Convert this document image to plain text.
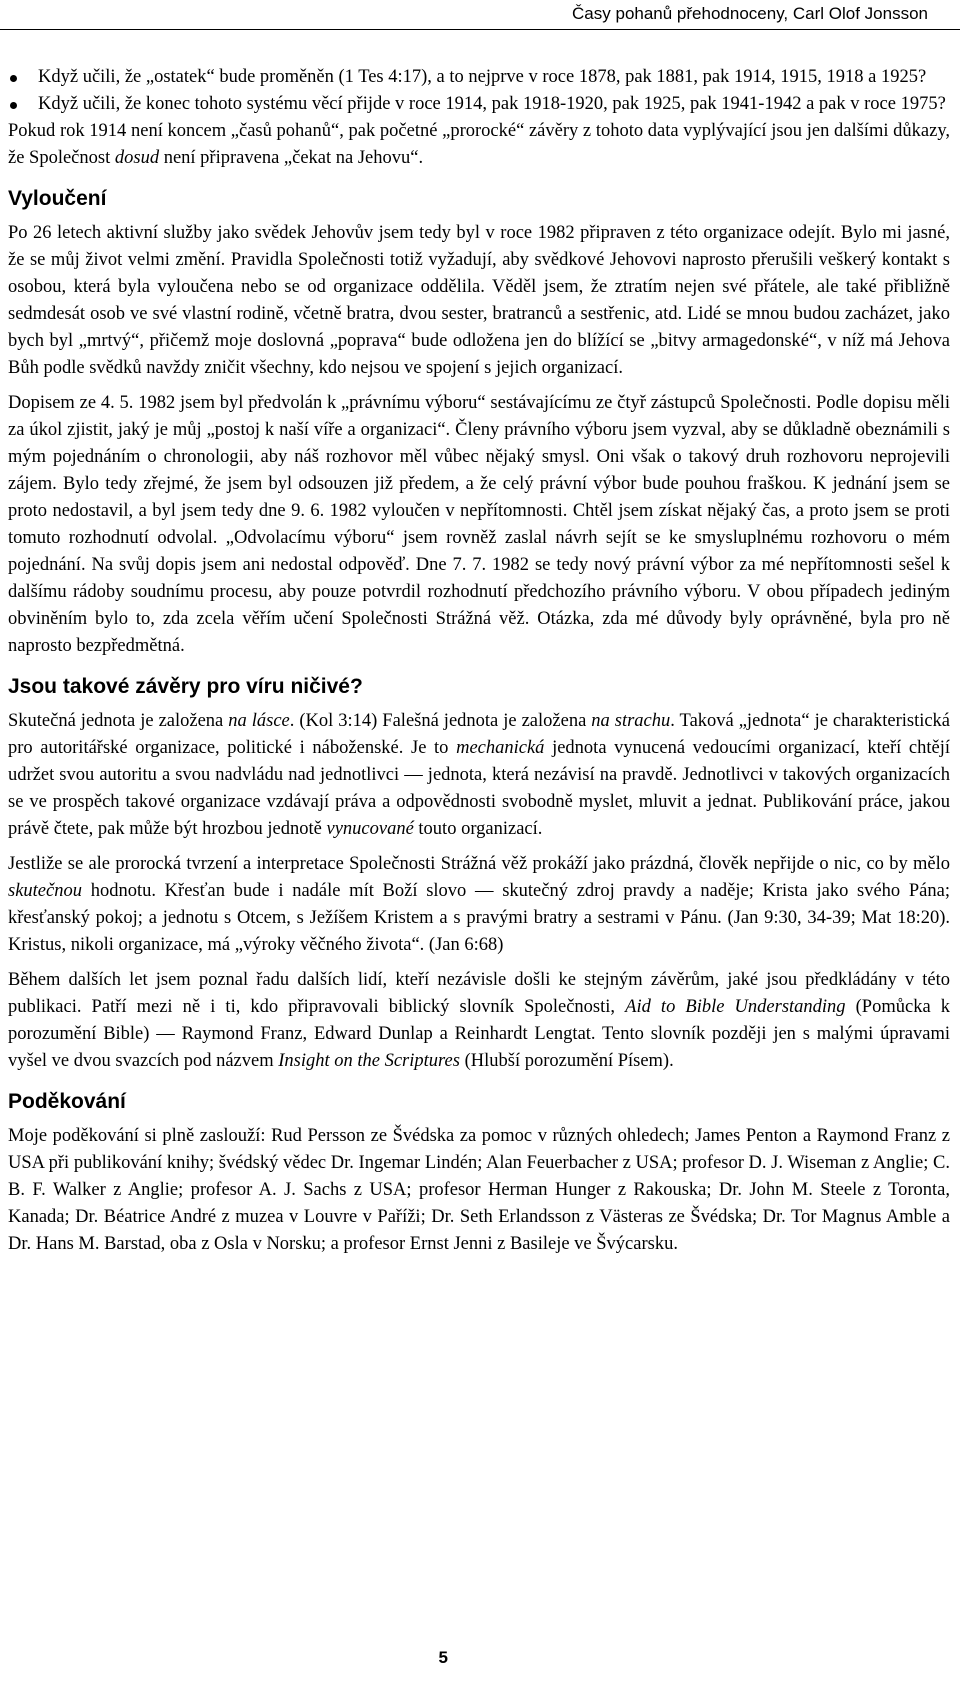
Časy pohanů přehodnoceny, Carl Olof Jonsson
Když učili, že „ostatek“ bude proměněn (1 Tes 4:17), a to nejprve v roce 1878, pak 1881, pak 1914, 1915, 1918 a 1925?
Když učili, že konec tohoto systému věcí přijde v roce 1914, pak 1918-1920, pak 1925, pak 1941-1942 a pak v roce 1975?

Pokud rok 1914 není koncem „časů pohanů“, pak početné „prorocké“ závěry z tohoto data vyplývající jsou jen dalšími důkazy, že Společnost dosud není připravena „čekat na Jehovu“.

Vyloučení

Po 26 letech aktivní služby jako svědek Jehovův jsem tedy byl v roce 1982 připraven z této organizace odejít. Bylo mi jasné, že se můj život velmi změní. Pravidla Společnosti totiž vyžadují, aby svědkové Jehovovi naprosto přerušili veškerý kontakt s osobou, která byla vyloučena nebo se od organizace oddělila. Věděl jsem, že ztratím nejen své přátele, ale také přibližně sedmdesát osob ve své vlastní rodině, včetně bratra, dvou sester, bratranců a sestřenic, atd. Lidé se mnou budou zacházet, jako bych byl „mrtvý“, přičemž moje doslovná „poprava“ bude odložena jen do blížící se „bitvy armagedonské“, v níž má Jehova Bůh podle svědků navždy zničit všechny, kdo nejsou ve spojení s jejich organizací.

Dopisem ze 4. 5. 1982 jsem byl předvolán k „právnímu výboru“ sestávajícímu ze čtyř zástupců Společnosti. Podle dopisu měli za úkol zjistit, jaký je můj „postoj k naší víře a organizaci“. Členy právního výboru jsem vyzval, aby se důkladně obeznámili s mým pojednáním o chronologii, aby náš rozhovor měl vůbec nějaký smysl. Oni však o takový druh rozhovoru neprojevili zájem. Bylo tedy zřejmé, že jsem byl odsouzen již předem, a že celý právní výbor bude pouhou fraškou. K jednání jsem se proto nedostavil, a byl jsem tedy dne 9. 6. 1982 vyloučen v nepřítomnosti. Chtěl jsem získat nějaký čas, a proto jsem se proti tomuto rozhodnutí odvolal. „Odvolacímu výboru“ jsem rovněž zaslal návrh sejít se ke smysluplnému rozhovoru o mém pojednání. Na svůj dopis jsem ani nedostal odpověď. Dne 7. 7. 1982 se tedy nový právní výbor za mé nepřítomnosti sešel k dalšímu rádoby soudnímu procesu, aby pouze potvrdil rozhodnutí předchozího právního výboru. V obou případech jediným obviněním bylo to, zda zcela věřím učení Společnosti Strážná věž. Otázka, zda mé důvody byly oprávněné, byla pro ně naprosto bezpředmětná.

Jsou takové závěry pro víru ničivé?

Skutečná jednota je založena na lásce. (Kol 3:14) Falešná jednota je založena na strachu. Taková „jednota“ je charakteristická pro autoritářské organizace, politické i náboženské. Je to mechanická jednota vynucená vedoucími organizací, kteří chtějí udržet svou autoritu a svou nadvládu nad jednotlivci — jednota, která nezávisí na pravdě. Jednotlivci v takových organizacích se ve prospěch takové organizace vzdávají práva a odpovědnosti svobodně myslet, mluvit a jednat. Publikování práce, jakou právě čtete, pak může být hrozbou jednotě vynucované touto organizací.

Jestliže se ale prorocká tvrzení a interpretace Společnosti Strážná věž prokáží jako prázdná, člověk nepřijde o nic, co by mělo skutečnou hodnotu. Křesťan bude i nadále mít Boží slovo — skutečný zdroj pravdy a naděje; Krista jako svého Pána; křesťanský pokoj; a jednotu s Otcem, s Ježíšem Kristem a s pravými bratry a sestrami v Pánu. (Jan 9:30, 34-39; Mat 18:20). Kristus, nikoli organizace, má „výroky věčného života“. (Jan 6:68)

Během dalších let jsem poznal řadu dalších lidí, kteří nezávisle došli ke stejným závěrům, jaké jsou předkládány v této publikaci. Patří mezi ně i ti, kdo připravovali biblický slovník Společnosti, Aid to Bible Understanding (Pomůcka k porozumění Bible) — Raymond Franz, Edward Dunlap a Reinhardt Lengtat. Tento slovník později jen s malými úpravami vyšel ve dvou svazcích pod názvem Insight on the Scriptures (Hlubší porozumění Písem).

Poděkování

Moje poděkování si plně zaslouží: Rud Persson ze Švédska za pomoc v různých ohledech; James Penton a Raymond Franz z USA při publikování knihy; švédský vědec Dr. Ingemar Lindén; Alan Feuerbacher z USA; profesor D. J. Wiseman z Anglie; C. B. F. Walker z Anglie; profesor A. J. Sachs z USA; profesor Herman Hunger z Rakouska; Dr. John M. Steele z Toronta, Kanada; Dr. Béatrice André z muzea v Louvre v Paříži; Dr. Seth Erlandsson z Västeras ze Švédska; Dr. Tor Magnus Amble a Dr. Hans M. Barstad, oba z Osla v Norsku; a profesor Ernst Jenni z Basileje ve Švýcarsku.

5
